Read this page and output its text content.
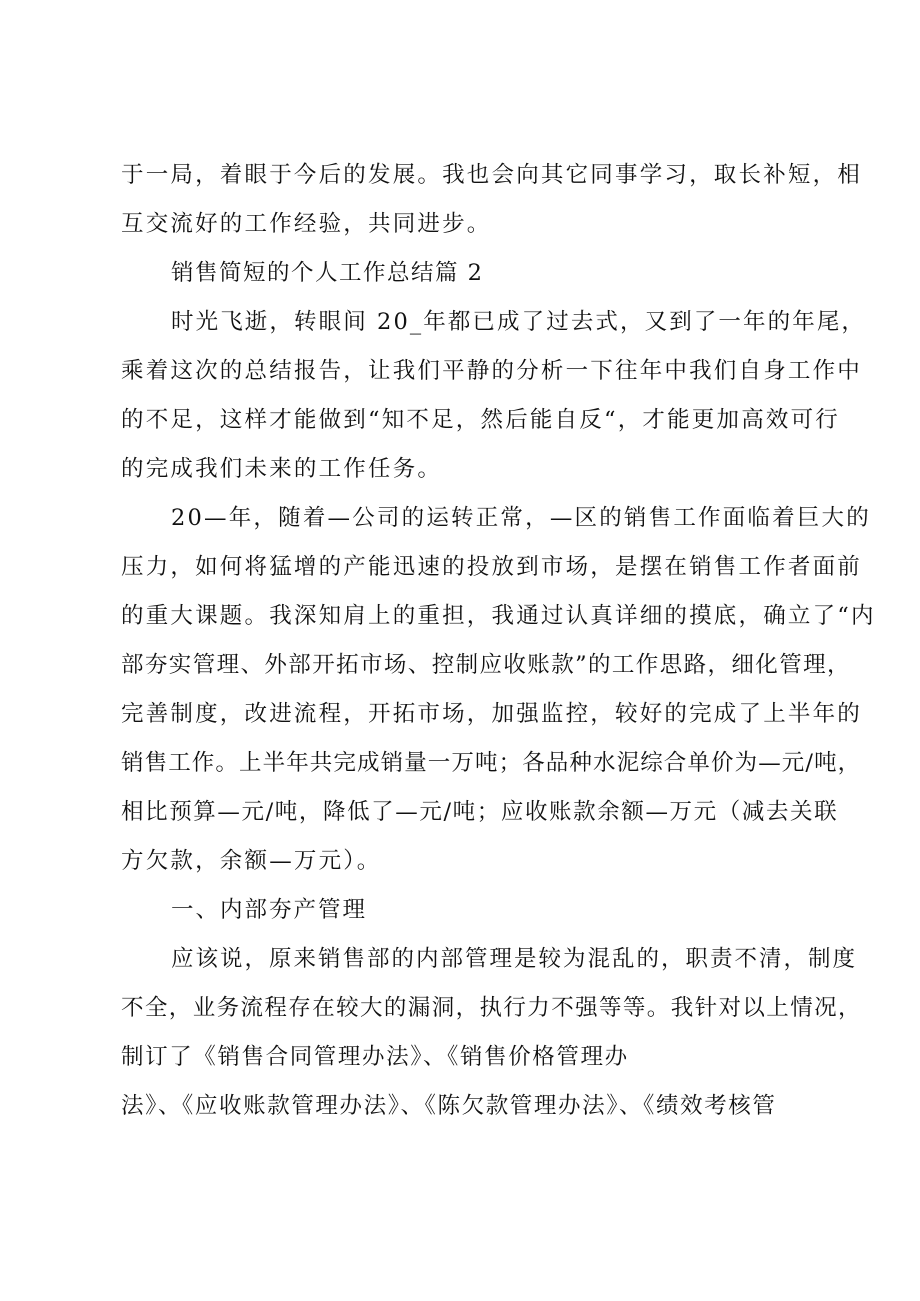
于一局，着眼于今后的发展。我也会向其它同事学习，取长补短，相
互交流好的工作经验，共同进步。
销售简短的个人工作总结篇 2
时光飞逝，转眼间 20_年都已成了过去式，又到了一年的年尾，
乘着这次的总结报告，让我们平静的分析一下往年中我们自身工作中
的不足，这样才能做到“知不足，然后能自反“，才能更加高效可行
的完成我们未来的工作任务。
20—年，随着—公司的运转正常，—区的销售工作面临着巨大的
压力，如何将猛增的产能迅速的投放到市场，是摆在销售工作者面前
的重大课题。我深知肩上的重担，我通过认真详细的摸底，确立了“内
部夯实管理、外部开拓市场、控制应收账款”的工作思路，细化管理，
完善制度，改进流程，开拓市场，加强监控，较好的完成了上半年的
销售工作。上半年共完成销量一万吨；各品种水泥综合单价为—元/吨，
相比预算—元/吨，降低了—元/吨；应收账款余额—万元（减去关联
方欠款，余额—万元）。
一、内部夯产管理
应该说，原来销售部的内部管理是较为混乱的，职责不清，制度
不全，业务流程存在较大的漏洞，执行力不强等等。我针对以上情况，
制订了《销售合同管理办法》、《销售价格管理办
法》、《应收账款管理办法》、《陈欠款管理办法》、《绩效考核管
